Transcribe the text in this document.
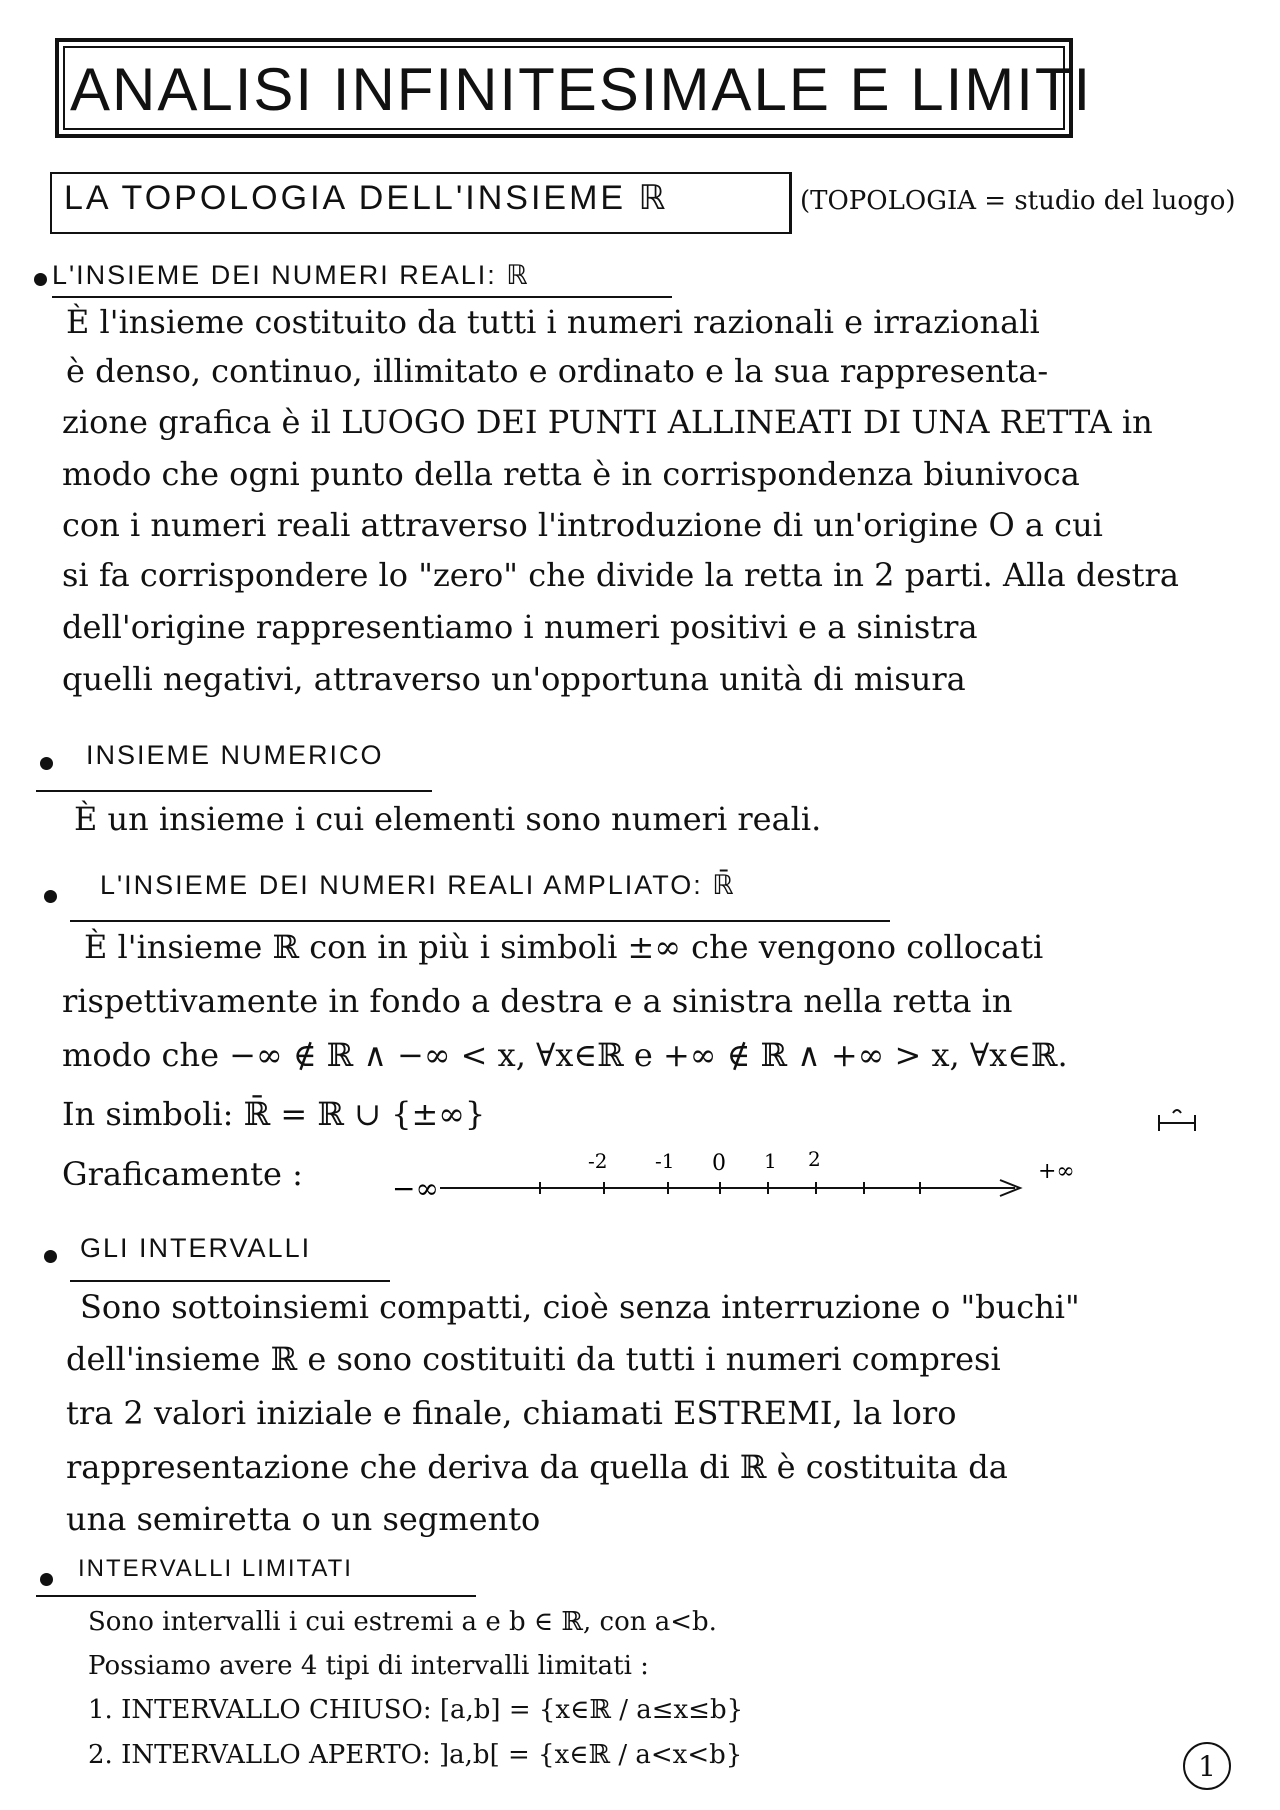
ANALISI INFINITESIMALE E LIMITI
LA TOPOLOGIA DELL'INSIEME ℝ	(TOPOLOGIA = studio del luogo)
L'INSIEME DEI NUMERI REALI: ℝ
È l'insieme costituito da tutti i numeri razionali e irrazionali
è denso, continuo, illimitato e ordinato e la sua rappresenta-
zione grafica è il LUOGO DEI PUNTI ALLINEATI DI UNA RETTA in
modo che ogni punto della retta è in corrispondenza biunivoca
con i numeri reali attraverso l'introduzione di un'origine O a cui
si fa corrispondere lo "zero" che divide la retta in 2 parti. Alla destra
dell'origine rappresentiamo i numeri positivi e a sinistra
quelli negativi, attraverso un'opportuna unità di misura
INSIEME NUMERICO
È un insieme i cui elementi sono numeri reali.
L'INSIEME DEI NUMERI REALI AMPLIATO: ℝ̄
È l'insieme ℝ con in più i simboli ±∞ che vengono collocati
rispettivamente in fondo a destra e a sinistra nella retta in
modo che −∞ ∉ ℝ ∧ −∞ < x, ∀x∈ℝ e +∞ ∉ ℝ ∧ +∞ > x, ∀x∈ℝ.
In simboli: ℝ̄ = ℝ ∪ {±∞}
Graficamente :	−∞
+∞
-2 -1 0 1 2
GLI INTERVALLI
Sono sottoinsiemi compatti, cioè senza interruzione o "buchi"
dell'insieme ℝ e sono costituiti da tutti i numeri compresi
tra 2 valori iniziale e finale, chiamati ESTREMI, la loro
rappresentazione che deriva da quella di ℝ è costituita da
una semiretta o un segmento
INTERVALLI LIMITATI
Sono intervalli i cui estremi a e b ∈ ℝ, con a<b.
Possiamo avere 4 tipi di intervalli limitati :
1. INTERVALLO CHIUSO: [a,b] = {x∈ℝ / a≤x≤b}
2. INTERVALLO APERTO: ]a,b[ = {x∈ℝ / a<x<b}	1
